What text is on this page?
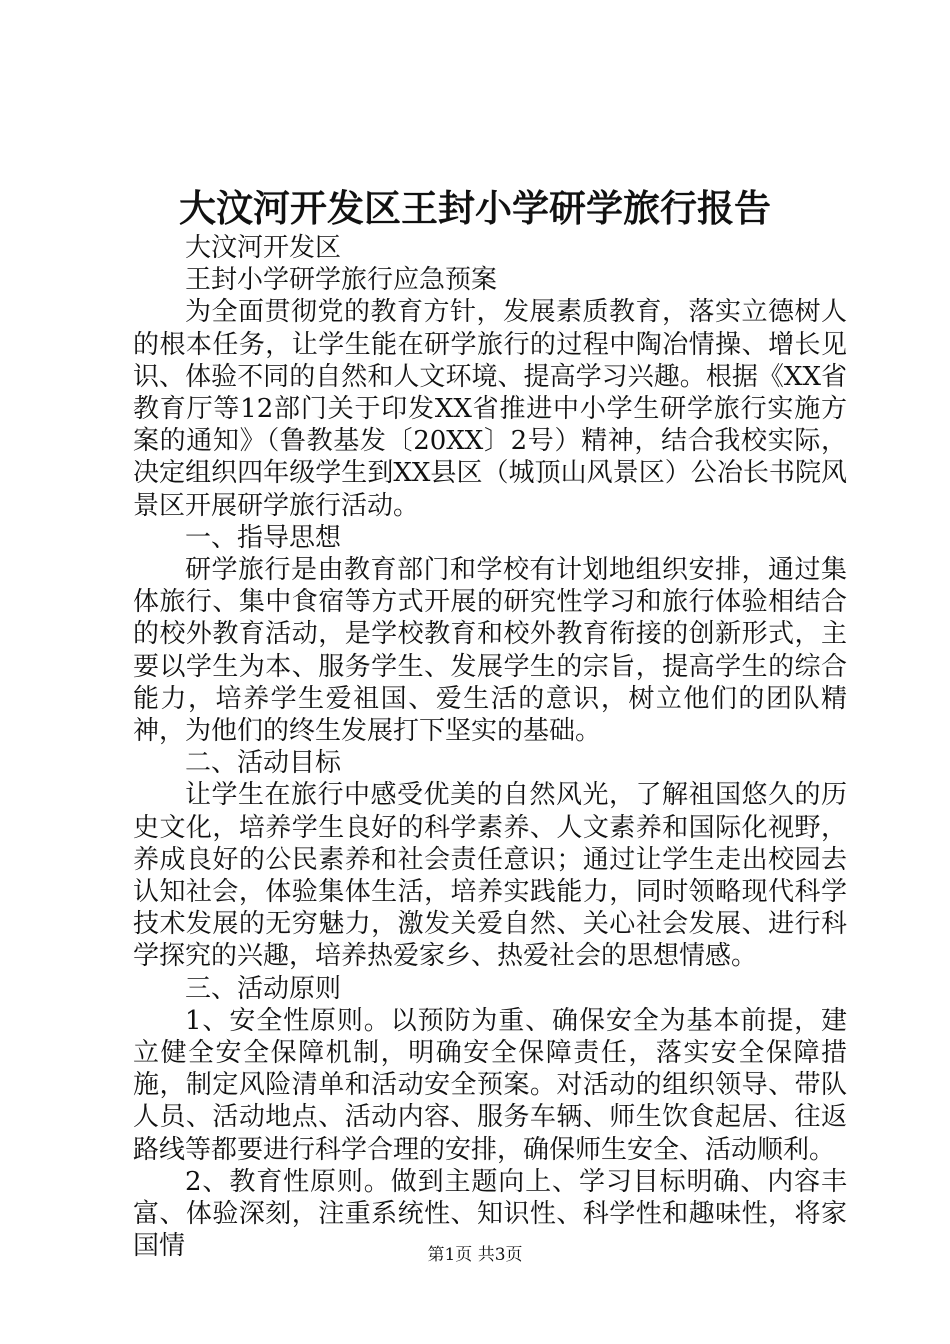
大汶河开发区王封小学研学旅行报告

大汶河开发区

王封小学研学旅行应急预案

为全面贯彻党的教育方针，发展素质教育，落实立德树人的根本任务，让学生能在研学旅行的过程中陶冶情操、增长见识、体验不同的自然和人文环境、提高学习兴趣。根据《XX省教育厅等12部门关于印发XX省推进中小学生研学旅行实施方案的通知》（鲁教基发〔20XX〕2号）精神，结合我校实际，决定组织四年级学生到XX县区（城顶山风景区）公冶长书院风景区开展研学旅行活动。

一、指导思想

研学旅行是由教育部门和学校有计划地组织安排，通过集体旅行、集中食宿等方式开展的研究性学习和旅行体验相结合的校外教育活动，是学校教育和校外教育衔接的创新形式，主要以学生为本、服务学生、发展学生的宗旨，提高学生的综合能力，培养学生爱祖国、爱生活的意识，树立他们的团队精神，为他们的终生发展打下坚实的基础。

二、活动目标

让学生在旅行中感受优美的自然风光，了解祖国悠久的历史文化，培养学生良好的科学素养、人文素养和国际化视野，养成良好的公民素养和社会责任意识；通过让学生走出校园去认知社会，体验集体生活，培养实践能力，同时领略现代科学技术发展的无穷魅力，激发关爱自然、关心社会发展、进行科学探究的兴趣，培养热爱家乡、热爱社会的思想情感。

三、活动原则

1、安全性原则。以预防为重、确保安全为基本前提，建立健全安全保障机制，明确安全保障责任，落实安全保障措施，制定风险清单和活动安全预案。对活动的组织领导、带队人员、活动地点、活动内容、服务车辆、师生饮食起居、往返路线等都要进行科学合理的安排，确保师生安全、活动顺利。

2、教育性原则。做到主题向上、学习目标明确、内容丰富、体验深刻，注重系统性、知识性、科学性和趣味性，将家国情	第1页 共3页
